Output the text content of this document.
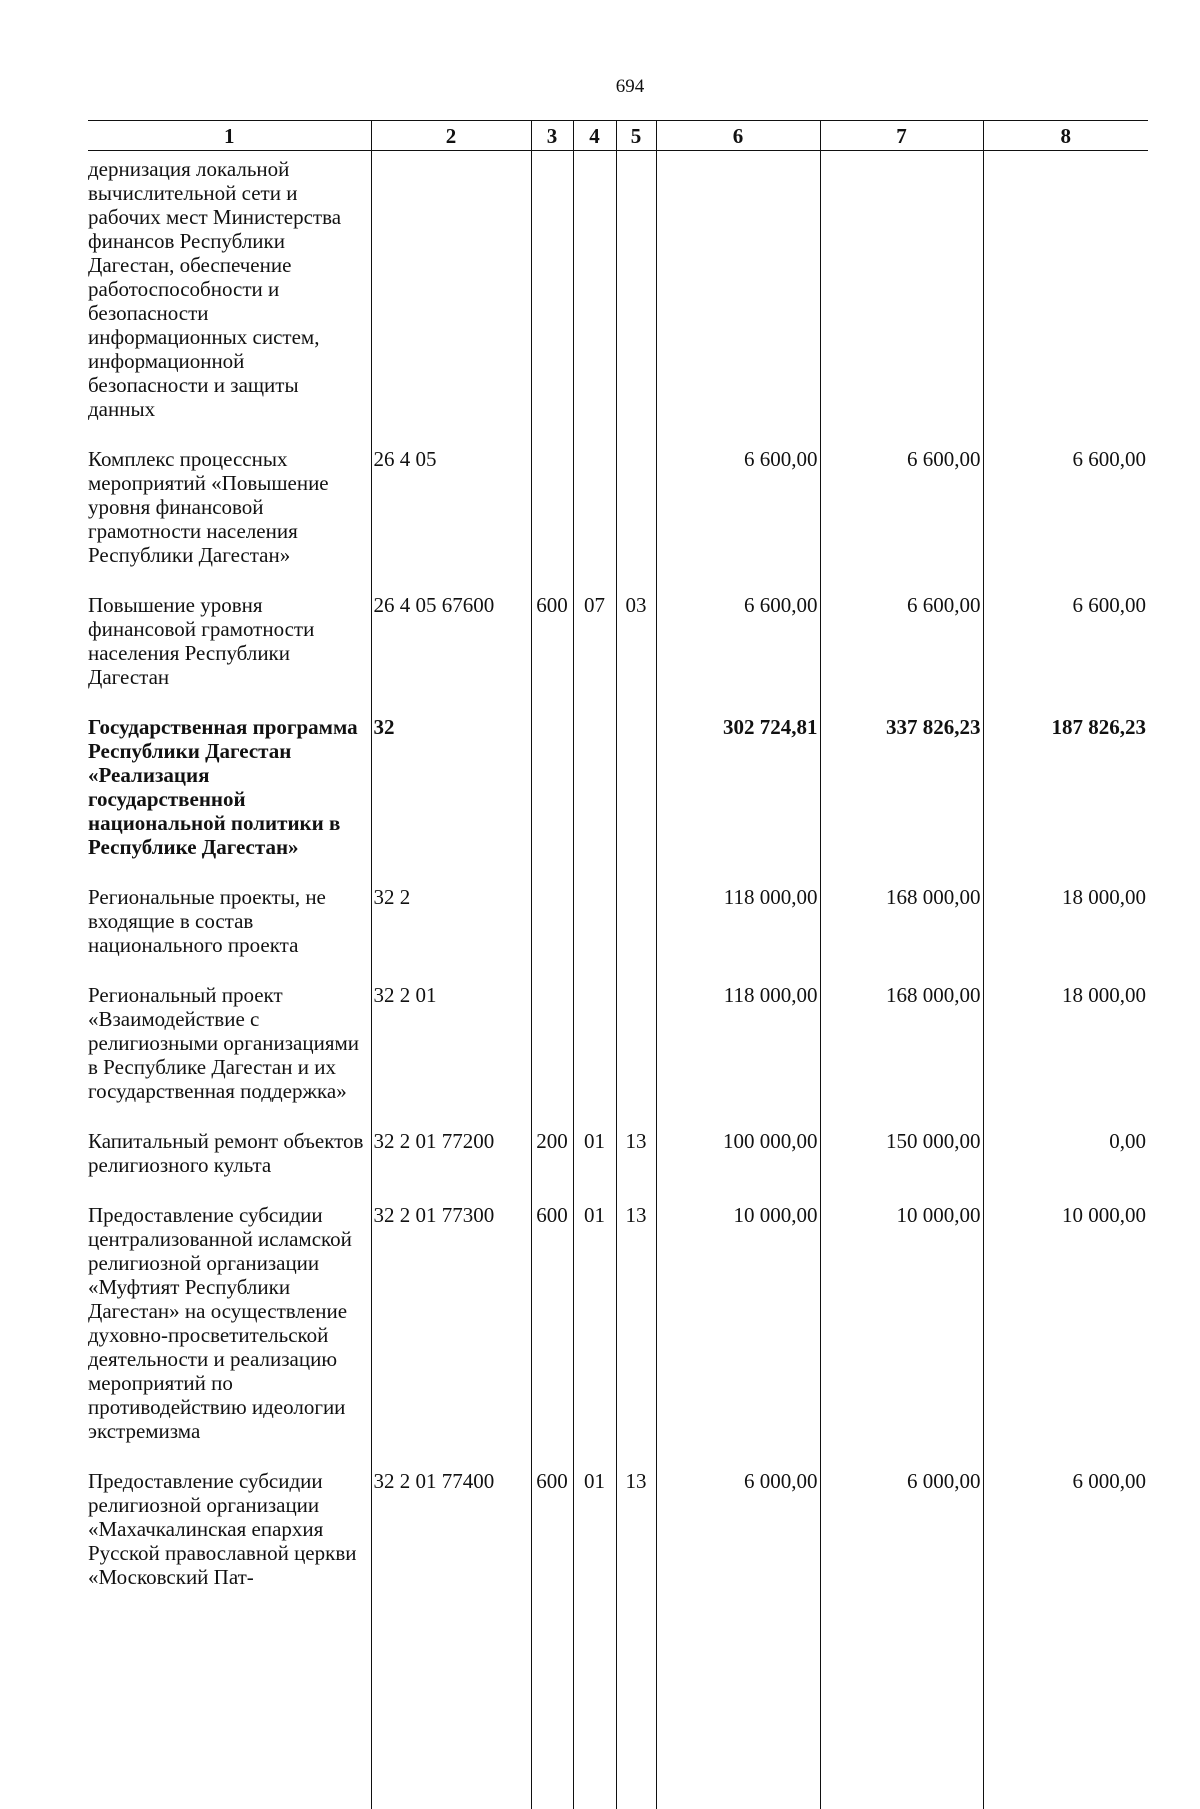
694
1	2	3	4	5	6	7	8
дернизация локальной вычислительной сети и рабочих мест Министерства финансов Республики Дагестан, обеспечение работоспособности и безопасности информационных систем, информационной безопасности и защиты данных							
Комплекс процессных мероприятий «Повышение уровня финансовой грамотности населения Республики Дагестан»	26 4 05				6 600,00	6 600,00	6 600,00
Повышение уровня финансовой грамотности населения Республики Дагестан	26 4 05 67600	600	07	03	6 600,00	6 600,00	6 600,00
Государственная программа Республики Дагестан «Реализация государственной национальной политики в Республике Дагестан»	32				302 724,81	337 826,23	187 826,23
Региональные проекты, не входящие в состав национального проекта	32 2				118 000,00	168 000,00	18 000,00
Региональный проект «Взаимодействие с религиозными организациями в Республике Дагестан и их государственная поддержка»	32 2 01				118 000,00	168 000,00	18 000,00
Капитальный ремонт объектов религиозного культа	32 2 01 77200	200	01	13	100 000,00	150 000,00	0,00
Предоставление субсидии централизованной исламской религиозной организации «Муфтият Республики Дагестан» на осуществление духовно-просветительской деятельности и реализацию мероприятий по противодействию идеологии экстремизма	32 2 01 77300	600	01	13	10 000,00	10 000,00	10 000,00
Предоставление субсидии религиозной организации «Махачкалинская епархия Русской православной церкви «Московский Пат-	32 2 01 77400	600	01	13	6 000,00	6 000,00	6 000,00
